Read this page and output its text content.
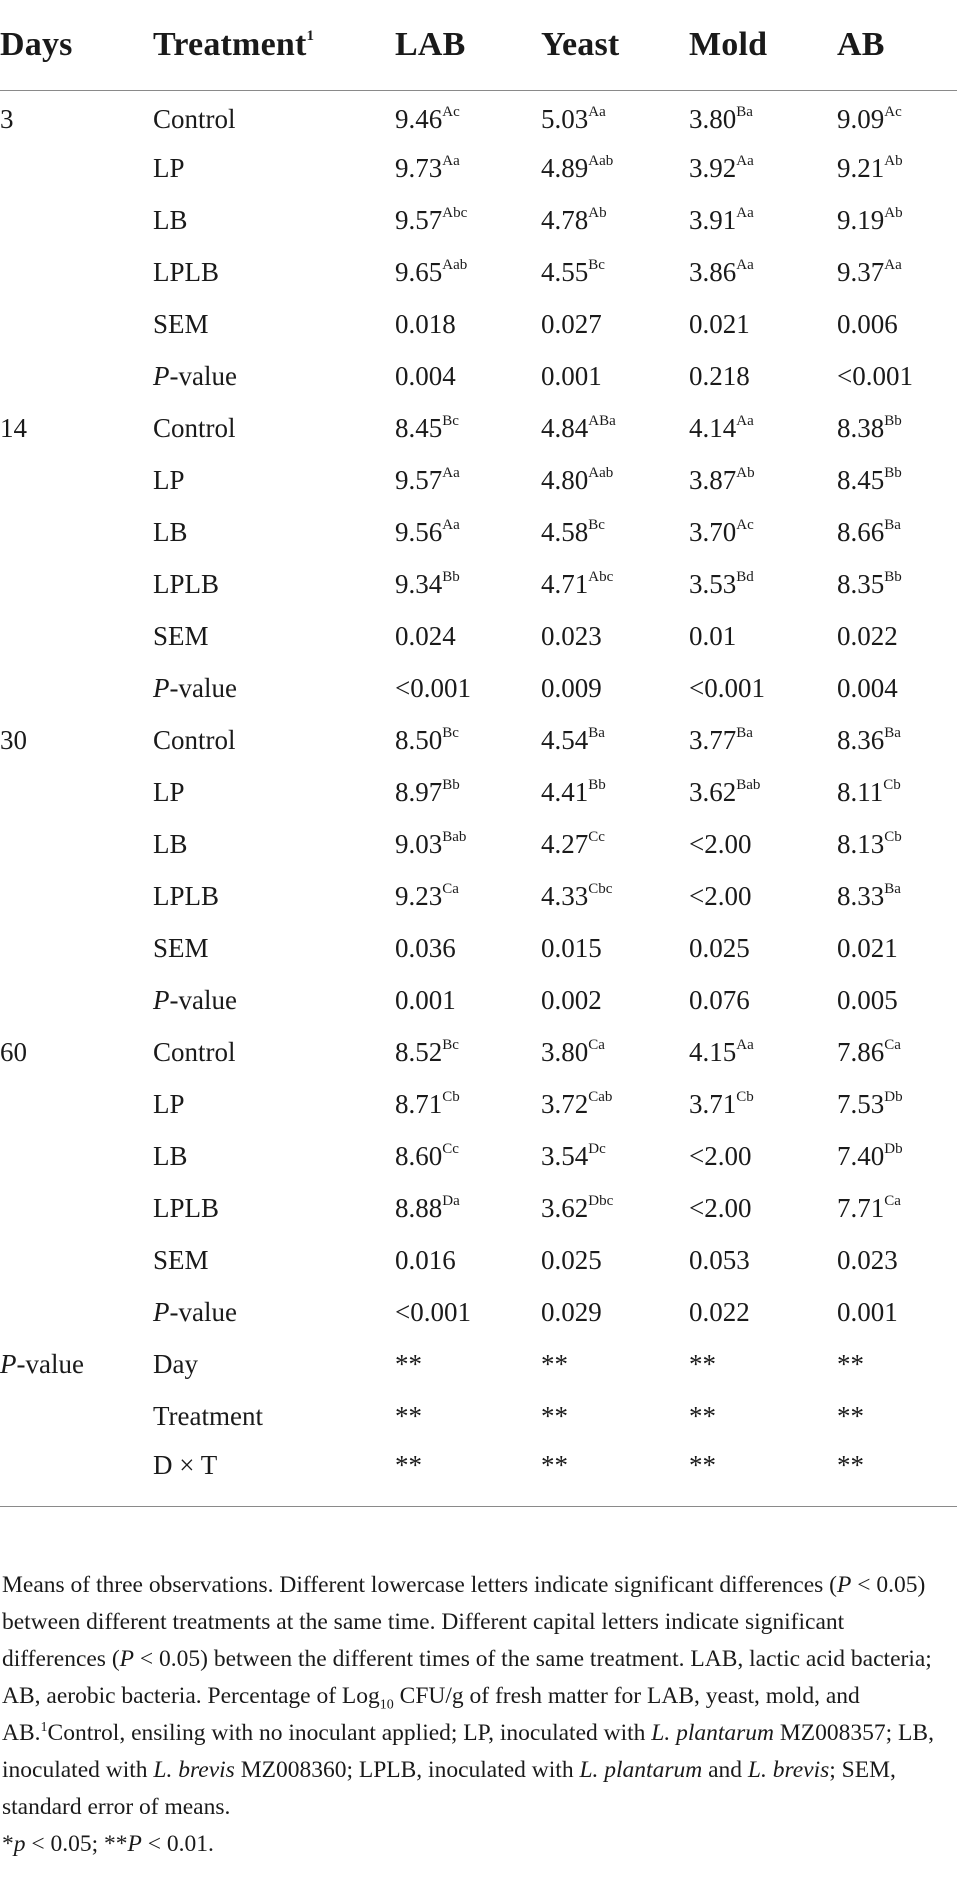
Days	Treatment$^1$	LAB	Yeast	Mold	AB
3	Control	$9.46^{Ac}$	$5.03^{Aa}$	$3.80^{Ba}$	$9.09^{Ac}$
	LP	$9.73^{Aa}$	$4.89^{Aab}$	$3.92^{Aa}$	$9.21^{Ab}$
	LB	$9.57^{Abc}$	$4.78^{Ab}$	$3.91^{Aa}$	$9.19^{Ab}$
	LPLB	$9.65^{Aab}$	$4.55^{Bc}$	$3.86^{Aa}$	$9.37^{Aa}$
	SEM	0.018	0.027	0.021	0.006
	P-value	0.004	0.001	0.218	<0.001
14	Control	$8.45^{Bc}$	$4.84^{ABa}$	$4.14^{Aa}$	$8.38^{Bb}$
	LP	$9.57^{Aa}$	$4.80^{Aab}$	$3.87^{Ab}$	$8.45^{Bb}$
	LB	$9.56^{Aa}$	$4.58^{Bc}$	$3.70^{Ac}$	$8.66^{Ba}$
	LPLB	$9.34^{Bb}$	$4.71^{Abc}$	$3.53^{Bd}$	$8.35^{Bb}$
	SEM	0.024	0.023	0.01	0.022
	P-value	<0.001	0.009	<0.001	0.004
30	Control	$8.50^{Bc}$	$4.54^{Ba}$	$3.77^{Ba}$	$8.36^{Ba}$
	LP	$8.97^{Bb}$	$4.41^{Bb}$	$3.62^{Bab}$	$8.11^{Cb}$
	LB	$9.03^{Bab}$	$4.27^{Cc}$	<2.00	$8.13^{Cb}$
	LPLB	$9.23^{Ca}$	$4.33^{Cbc}$	<2.00	$8.33^{Ba}$
	SEM	0.036	0.015	0.025	0.021
	P-value	0.001	0.002	0.076	0.005
60	Control	$8.52^{Bc}$	$3.80^{Ca}$	$4.15^{Aa}$	$7.86^{Ca}$
	LP	$8.71^{Cb}$	$3.72^{Cab}$	$3.71^{Cb}$	$7.53^{Db}$
	LB	$8.60^{Cc}$	$3.54^{Dc}$	<2.00	$7.40^{Db}$
	LPLB	$8.88^{Da}$	$3.62^{Dbc}$	<2.00	$7.71^{Ca}$
	SEM	0.016	0.025	0.053	0.023
	P-value	<0.001	0.029	0.022	0.001
P-value	Day	**	**	**	**
	Treatment	**	**	**	**
	D × T	**	**	**	**

Means of three observations. Different lowercase letters indicate significant differences (P < 0.05) between different treatments at the same time. Different capital letters indicate significant differences (P < 0.05) between the different times of the same treatment. LAB, lactic acid bacteria; AB, aerobic bacteria. Percentage of Log$_{10}$ CFU/g of fresh matter for LAB, yeast, mold, and AB.$^1$Control, ensiling with no inoculant applied; LP, inoculated with L. plantarum MZ008357; LB, inoculated with L. brevis MZ008360; LPLB, inoculated with L. plantarum and L. brevis; SEM, standard error of means.

*p < 0.05; **P < 0.01.
